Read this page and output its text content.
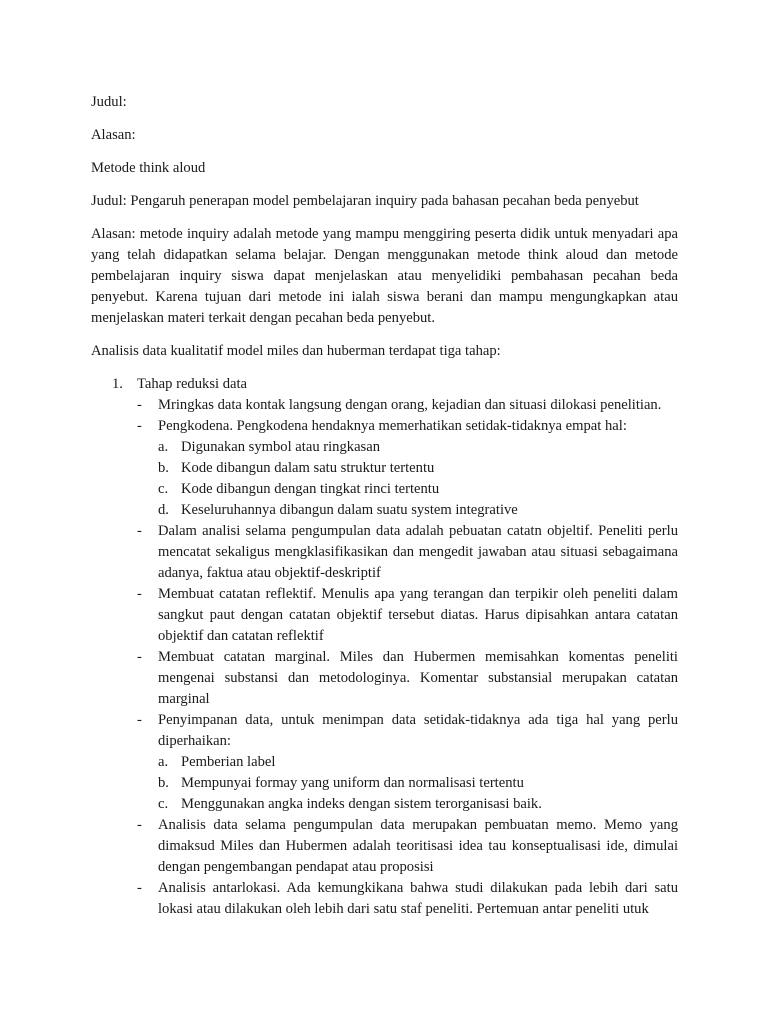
Judul:

Alasan:

Metode think aloud

Judul: Pengaruh penerapan model pembelajaran inquiry pada bahasan pecahan beda penyebut

Alasan: metode inquiry adalah metode yang mampu menggiring peserta didik untuk menyadari apa yang telah didapatkan selama belajar. Dengan menggunakan metode think aloud dan metode pembelajaran inquiry siswa dapat menjelaskan atau menyelidiki pembahasan pecahan beda penyebut. Karena tujuan dari metode ini ialah siswa berani dan mampu mengungkapkan atau menjelaskan materi terkait dengan pecahan beda penyebut.

Analisis data kualitatif model miles dan huberman terdapat tiga tahap:

1. Tahap reduksi data
- Mringkas data kontak langsung dengan orang, kejadian dan situasi dilokasi penelitian.
- Pengkodena. Pengkodena hendaknya memerhatikan setidak-tidaknya empat hal:
a. Digunakan symbol atau ringkasan
b. Kode dibangun dalam satu struktur tertentu
c. Kode dibangun dengan tingkat rinci tertentu
d. Keseluruhannya dibangun dalam suatu system integrative
- Dalam analisi selama pengumpulan data adalah pebuatan catatn objeltif. Peneliti perlu mencatat sekaligus mengklasifikasikan dan mengedit jawaban atau situasi sebagaimana adanya, faktua atau objektif-deskriptif
- Membuat catatan reflektif. Menulis apa yang terangan dan terpikir oleh peneliti dalam sangkut paut dengan catatan objektif tersebut diatas. Harus dipisahkan antara catatan objektif dan catatan reflektif
- Membuat catatan marginal. Miles dan Hubermen memisahkan komentas peneliti mengenai substansi dan metodologinya. Komentar substansial merupakan catatan marginal
- Penyimpanan data, untuk menimpan data setidak-tidaknya ada tiga hal yang perlu diperhaikan:
a. Pemberian label
b. Mempunyai formay yang uniform dan normalisasi tertentu
c. Menggunakan angka indeks dengan sistem terorganisasi baik.
- Analisis data selama pengumpulan data merupakan pembuatan memo. Memo yang dimaksud Miles dan Hubermen adalah teoritisasi idea tau konseptualisasi ide, dimulai dengan pengembangan pendapat atau proposisi
- Analisis antarlokasi. Ada kemungkikana bahwa studi dilakukan pada lebih dari satu lokasi atau dilakukan oleh lebih dari satu staf peneliti. Pertemuan antar peneliti utuk
